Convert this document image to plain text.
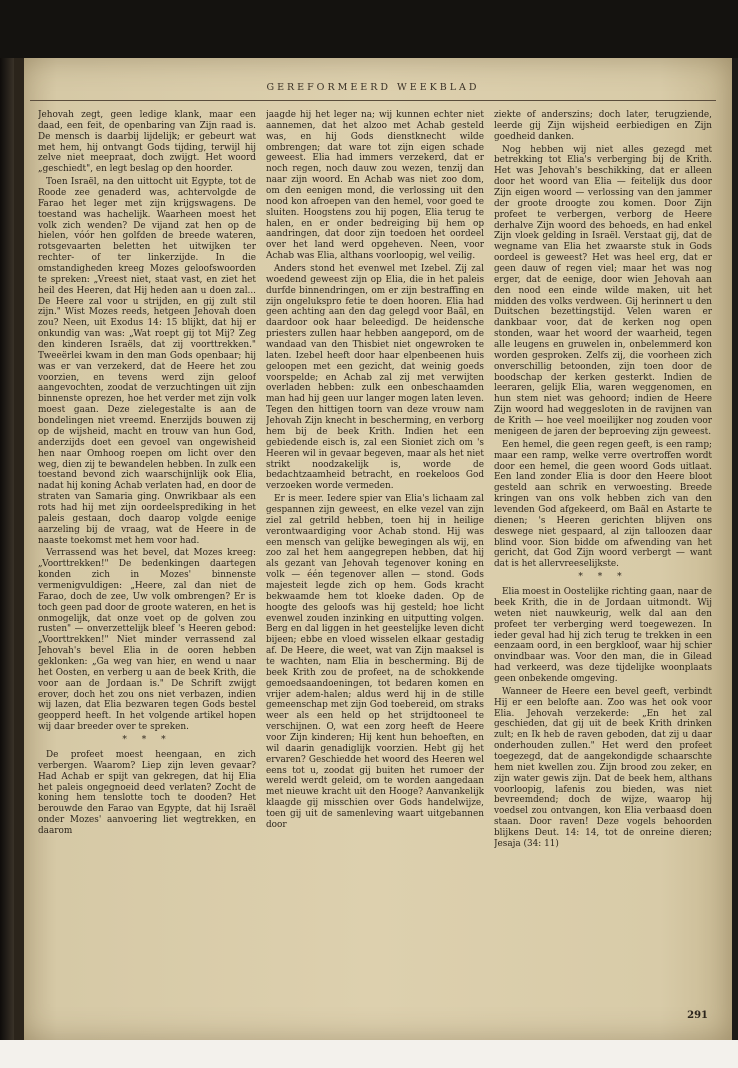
GEREFORMEERD WEEKBLAD

Jehovah zegt, geen ledige klank, maar een daad, een feit, de openbaring van Zijn raad is. De mensch is daarbij lijdelijk; er gebeurt wat met hem, hij ontvangt Gods tijding, terwijl hij zelve niet meepraat, doch zwijgt. Het woord „geschiedt", en legt beslag op den hoorder.

Toen Israël, na den uittocht uit Egypte, tot de Roode zee genaderd was, achtervolgde de Farao het leger met zijn krijgswagens. De toestand was hachelijk. Waarheen moest het volk zich wenden? De vijand zat hen op de hielen, vóór hen golfden de breede wateren, rotsgevaarten beletten het uitwijken ter rechter- of ter linkerzijde. In die omstandigheden kreeg Mozes geloofswoorden te spreken: „Vreest niet, staat vast, en ziet het heil des Heeren, dat Hij heden aan u doen zal... De Heere zal voor u strijden, en gij zult stil zijn." Wist Mozes reeds, hetgeen Jehovah doen zou? Neen, uit Exodus 14: 15 blijkt, dat hij er onkundig van was: „Wat roept gij tot Mij? Zeg den kinderen Israëls, dat zij voorttrekken." Tweeërlei kwam in den man Gods openbaar; hij was er van verzekerd, dat de Heere het zou voorzien, en tevens werd zijn geloof aangevochten, zoodat de verzuchtingen uit zijn binnenste oprezen, hoe het verder met zijn volk moest gaan. Deze zielegestalte is aan de bondelingen niet vreemd. Enerzijds bouwen zij op de wijsheid, macht en trouw van hun God, anderzijds doet een gevoel van ongewisheid hen naar Omhoog roepen om licht over den weg, dien zij te bewandelen hebben. In zulk een toestand bevond zich waarschijnlijk ook Elia, nadat hij koning Achab verlaten had, en door de straten van Samaria ging. Onwrikbaar als een rots had hij met zijn oordeelsprediking in het paleis gestaan, doch daarop volgde eenige aarzeling bij de vraag, wat de Heere in de naaste toekomst met hem voor had.

Verrassend was het bevel, dat Mozes kreeg: „Voorttrekken!" De bedenkingen daartegen konden zich in Mozes' binnenste vermenigvuldigen: „Heere, zal dan niet de Farao, doch de zee, Uw volk ombrengen? Er is toch geen pad door de groote wateren, en het is onmogelijk, dat onze voet op de golven zou rusten" — onverzettelijk bleef 's Heeren gebod: „Voorttrekken!" Niet minder verrassend zal Jehovah's bevel Elia in de ooren hebben geklonken: „Ga weg van hier, en wend u naar het Oosten, en verberg u aan de beek Krith, die voor aan de Jordaan is." De Schrift zwijgt erover, doch het zou ons niet verbazen, indien wij lazen, dat Elia bezwaren tegen Gods bestel geopperd heeft. In het volgende artikel hopen wij daar breeder over te spreken.

* * *

De profeet moest heengaan, en zich verbergen. Waarom? Liep zijn leven gevaar? Had Achab er spijt van gekregen, dat hij Elia het paleis ongegnoeid deed verlaten? Zocht de koning hem tenslotte toch te dooden? Het berouwde den Farao van Egypte, dat hij Israël onder Mozes' aanvoering liet wegtrekken, en daarom

jaagde hij het leger na; wij kunnen echter niet aannemen, dat het alzoo met Achab gesteld was, en hij Gods dienstknecht wilde ombrengen; dat ware tot zijn eigen schade geweest. Elia had immers verzekerd, dat er noch regen, noch dauw zou wezen, tenzij dan naar zijn woord. En Achab was niet zoo dom, om den eenigen mond, die verlossing uit den nood kon afroepen van den hemel, voor goed te sluiten. Hoogstens zou hij pogen, Elia terug te halen, en er onder bedreiging bij hem op aandringen, dat door zijn toedoen het oordeel over het land werd opgeheven. Neen, voor Achab was Elia, althans voorloopig, wel veilig.

Anders stond het evenwel met Izebel. Zij zal woedend geweest zijn op Elia, die in het paleis durfde binnendringen, om er zijn bestraffing en zijn ongelukspro fetie te doen hooren. Elia had geen achting aan den dag gelegd voor Baäl, en daardoor ook haar beleedigd. De heidensche priesters zullen haar hebben aangepord, om de wandaad van den Thisbiet niet ongewroken te laten. Izebel heeft door haar elpenbeenen huis geloopen met een gezicht, dat weinig goeds voorspelde; en Achab zal zij met verwijten overladen hebben: zulk een onbeschaamden man had hij geen uur langer mogen laten leven. Tegen den hittigen toorn van deze vrouw nam Jehovah Zijn knecht in bescherming, en verborg hem bij de beek Krith. Indien het een gebiedende eisch is, zal een Sioniet zich om 's Heeren wil in gevaar begeven, maar als het niet strikt noodzakelijk is, worde de bedachtzaamheid betracht, en roekeloos God verzoeken worde vermeden.

Er is meer. Iedere spier van Elia's lichaam zal gespannen zijn geweest, en elke vezel van zijn ziel zal getrild hebben, toen hij in heilige verontwaardiging voor Achab stond. Hij was een mensch van gelijke bewegingen als wij, en zoo zal het hem aangegrepen hebben, dat hij als gezant van Jehovah tegenover koning en volk — één tegenover allen — stond. Gods majesteit legde zich op hem. Gods kracht bekwaamde hem tot kloeke daden. Op de hoogte des geloofs was hij gesteld; hoe licht evenwel zouden inzinking en uitputting volgen. Berg en dal liggen in het geestelijke leven dicht bijeen; ebbe en vloed wisselen elkaar gestadig af. De Heere, die weet, wat van Zijn maaksel is te wachten, nam Elia in bescherming. Bij de beek Krith zou de profeet, na de schokkende gemoedsaandoeningen, tot bedaren komen en vrijer adem-halen; aldus werd hij in de stille gemeenschap met zijn God toebereid, om straks weer als een held op het strijdtooneel te verschijnen. O, wat een zorg heeft de Heere voor Zijn kinderen; Hij kent hun behoeften, en wil daarin genadiglijk voorzien. Hebt gij het ervaren? Geschiedde het woord des Heeren wel eens tot u, zoodat gij buiten het rumoer der wereld werdt geleid, om te worden aangedaan met nieuwe kracht uit den Hooge? Aanvankelijk klaagde gij misschien over Gods handelwijze, toen gij uit de samenleving waart uitgebannen door

ziekte of anderszins; doch later, terugziende, leerde gij Zijn wijsheid eerbiedigen en Zijn goedheid danken.

Nog hebben wij niet alles gezegd met betrekking tot Elia's verberging bij de Krith. Het was Jehovah's beschikking, dat er alleen door het woord van Elia — feitelijk dus door Zijn eigen woord — verlossing van den jammer der groote droogte zou komen. Door Zijn profeet te verbergen, verborg de Heere derhalve Zijn woord des behoeds, en had enkel Zijn vloek gelding in Israël. Verstaat gij, dat de wegname van Elia het zwaarste stuk in Gods oordeel is geweest? Het was heel erg, dat er geen dauw of regen viel; maar het was nog erger, dat de eenige, door wien Jehovah aan den nood een einde wilde maken, uit het midden des volks verdween. Gij herinnert u den Duitschen bezettingstijd. Velen waren er dankbaar voor, dat de kerken nog open stonden, waar het woord der waarheid, tegen alle leugens en gruwelen in, onbelemmerd kon worden gesproken. Zelfs zij, die voorheen zich onverschillig betoonden, zijn toen door de boodschap der kerken gesterkt. Indien de leeraren, gelijk Elia, waren weggenomen, en hun stem niet was gehoord; indien de Heere Zijn woord had weggesloten in de ravijnen van de Krith — hoe veel moeilijker nog zouden voor menigeen de jaren der beproeving zijn geweest.

Een hemel, die geen regen geeft, is een ramp; maar een ramp, welke verre overtroffen wordt door een hemel, die geen woord Gods uitlaat. Een land zonder Elia is door den Heere bloot gesteld aan schrik en verwoesting. Breede kringen van ons volk hebben zich van den levenden God afgekeerd, om Baäl en Astarte te dienen; 's Heeren gerichten blijven ons deswege niet gespaard, al zijn talloozen daar blind voor. Sion bidde om afwending van het gericht, dat God Zijn woord verbergt — want dat is het allervreeselijkste.

* * *

Elia moest in Oostelijke richting gaan, naar de beek Krith, die in de Jordaan uitmondt. Wij weten niet nauwkeurig, welk dal aan den profeet ter verberging werd toegewezen. In ieder geval had hij zich terug te trekken in een eenzaam oord, in een bergkloof, waar hij schier onvindbaar was. Voor den man, die in Gilead had verkeerd, was deze tijdelijke woonplaats geen onbekende omgeving.

Wanneer de Heere een bevel geeft, verbindt Hij er een belofte aan. Zoo was het ook voor Elia. Jehovah verzekerde: „En het zal geschieden, dat gij uit de beek Krith drinken zult; en Ik heb de raven geboden, dat zij u daar onderhouden zullen." Het werd den profeet toegezegd, dat de aangekondigde schaarschte hem niet kwellen zou. Zijn brood zou zeker, en zijn water gewis zijn. Dat de beek hem, althans voorloopig, lafenis zou bieden, was niet bevreemdend; doch de wijze, waarop hij voedsel zou ontvangen, kon Elia verbaasd doen staan. Door raven! Deze vogels behoorden blijkens Deut. 14: 14, tot de onreine dieren; Jesaja (34: 11)

291
